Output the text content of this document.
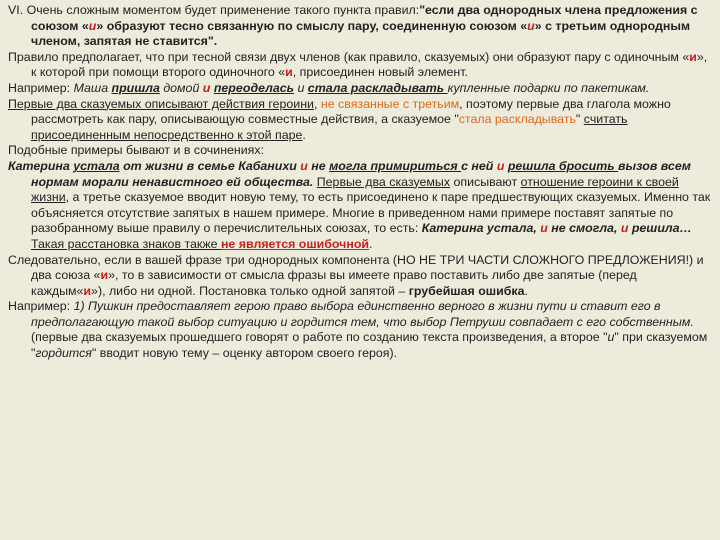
VI. Очень сложным моментом будет применение такого пункта правил:"если два однородных члена предложения с союзом «и» образуют тесно связанную по смыслу пару, соединенную союзом «и» с третьим однородным членом, запятая не ставится".

Правило предполагает, что при тесной связи двух членов (как правило, сказуемых) они образуют пару с одиночным «и», к которой при помощи второго одиночного «и, присоединен новый элемент.

Например: Маша пришла домой и переоделась и стала раскладывать купленные подарки по пакетикам.

Первые два сказуемых описывают действия героини, не связанные с третьим, поэтому первые два глагола можно рассмотреть как пару, описывающую совместные действия, а сказуемое "стала раскладывать" считать присоединенным непосредственно к этой паре.

Подобные примеры бывают и в сочинениях:

Катерина устала от жизни в семье Кабанихи и не могла примириться с ней и решила бросить вызов всем нормам морали ненавистного ей общества. Первые два сказуемых описывают отношение героини к своей жизни, а третье сказуемое вводит новую тему, то есть присоединено к паре предшествующих сказуемых. Именно так объясняется отсутствие запятых в нашем примере. Многие в приведенном нами примере поставят запятые по разобранному выше правилу о перечислительных союзах, то есть: Катерина устала, и не смогла, и решила… Такая расстановка знаков также не является ошибочной.

Следовательно, если в вашей фразе три однородных компонента (НО НЕ ТРИ ЧАСТИ СЛОЖНОГО ПРЕДЛОЖЕНИЯ!) и два союза «и», то в зависимости от смысла фразы вы имеете право поставить либо две запятые (перед каждым«и»), либо ни одной. Постановка только одной запятой – грубейшая ошибка.

Например: 1) Пушкин предоставляет герою право выбора единственно верного в жизни пути и ставит его в предполагающую такой выбор ситуацию и гордится тем, что выбор Петруши совпадает с его собственным. (первые два сказуемых прошедшего говорят о работе по созданию текста произведения, а второе "и" при сказуемом "гордится" вводит новую тему – оценку автором своего героя).
